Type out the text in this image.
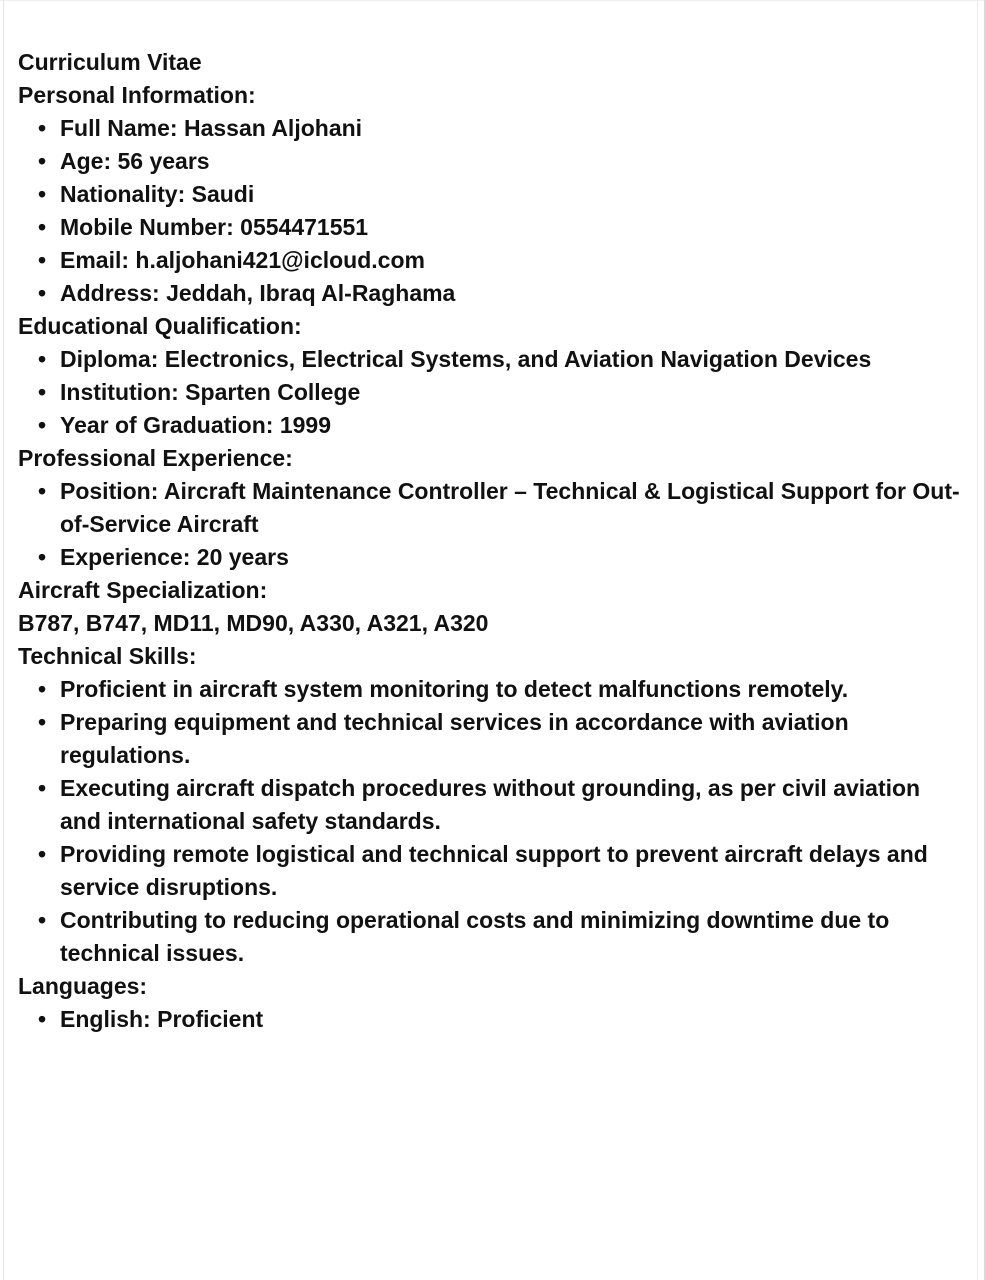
Curriculum Vitae
Personal Information:
• Full Name: Hassan Aljohani
• Age: 56 years
• Nationality: Saudi
• Mobile Number: 0554471551
• Email: h.aljohani421@icloud.com
• Address: Jeddah, Ibraq Al-Raghama
Educational Qualification:
• Diploma: Electronics, Electrical Systems, and Aviation Navigation Devices
• Institution: Sparten College
• Year of Graduation: 1999
Professional Experience:
• Position: Aircraft Maintenance Controller – Technical & Logistical Support for Out-of-Service Aircraft
• Experience: 20 years
Aircraft Specialization:
B787, B747, MD11, MD90, A330, A321, A320
Technical Skills:
• Proficient in aircraft system monitoring to detect malfunctions remotely.
• Preparing equipment and technical services in accordance with aviation regulations.
• Executing aircraft dispatch procedures without grounding, as per civil aviation and international safety standards.
• Providing remote logistical and technical support to prevent aircraft delays and service disruptions.
• Contributing to reducing operational costs and minimizing downtime due to technical issues.
Languages:
• English: Proficient
